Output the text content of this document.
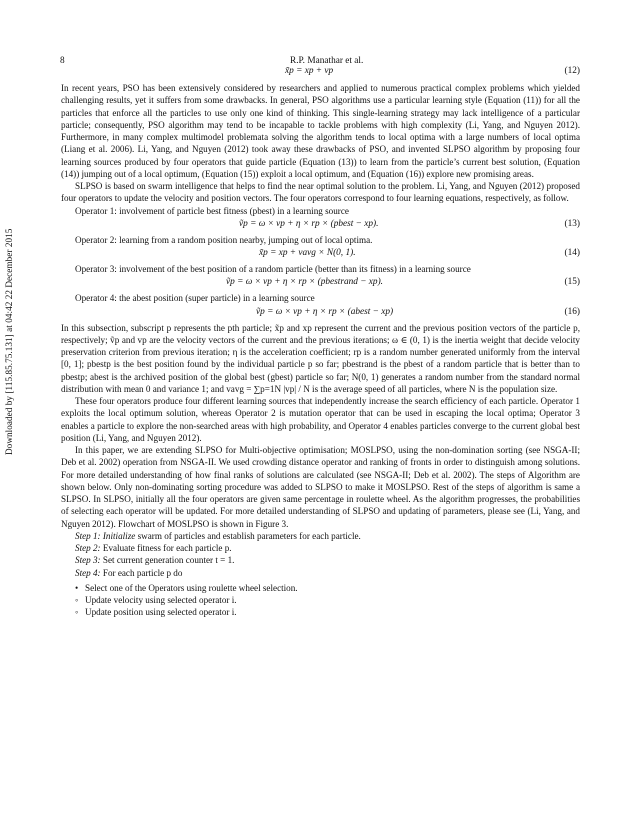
Downloaded by [115.85.75.131] at 04:42 22 December 2015
8	R.P. Manathar et al.
x̃p = xp + vp	(12)

In recent years, PSO has been extensively considered by researchers and applied to numerous practical complex problems which yielded challenging results, yet it suffers from some drawbacks. In general, PSO algorithms use a particular learning style (Equation (11)) for all the particles that enforce all the particles to use only one kind of thinking. This single-learning strategy may lack intelligence of a particular particle; consequently, PSO algorithm may tend to be incapable to tackle problems with high complexity (Li, Yang, and Nguyen 2012). Furthermore, in many complex multimodel problemata solving the algorithm tends to local optima with a large numbers of local optima (Liang et al. 2006). Li, Yang, and Nguyen (2012) took away these drawbacks of PSO, and invented SLPSO algorithm by proposing four learning sources produced by four operators that guide particle (Equation (13)) to learn from the particle’s current best solution, (Equation (14)) jumping out of a local optimum, (Equation (15)) exploit a local optimum, and (Equation (16)) explore new promising areas.

SLPSO is based on swarm intelligence that helps to find the near optimal solution to the problem. Li, Yang, and Nguyen (2012) proposed four operators to update the velocity and position vectors. The four operators correspond to four learning equations, respectively, as follow.

Operator 1: involvement of particle best fitness (pbest) in a learning source

ṽp = ω × vp + η × rp × (pbest − xp).	(13)

Operator 2: learning from a random position nearby, jumping out of local optima.

x̃p = xp + vavg × N(0, 1).	(14)

Operator 3: involvement of the best position of a random particle (better than its fitness) in a learning source

ṽp = ω × vp + η × rp × (pbestrand − xp).	(15)

Operator 4: the abest position (super particle) in a learning source

ṽp = ω × vp + η × rp × (abest − xp)	(16)

In this subsection, subscript p represents the pth particle; x̃p and xp represent the current and the previous position vectors of the particle p, respectively; ṽp and vp are the velocity vectors of the current and the previous iterations; ω ∈ (0, 1) is the inertia weight that decide velocity preservation criterion from previous iteration; η is the acceleration coefficient; rp is a random number generated uniformly from the interval [0, 1]; pbestp is the best position found by the individual particle p so far; pbestrand is the pbest of a random particle that is better than to pbestp; abest is the archived position of the global best (gbest) particle so far; N(0, 1) generates a random number from the standard normal distribution with mean 0 and variance 1; and vavg = ∑p=1N |vp| / N is the average speed of all particles, where N is the population size.

These four operators produce four different learning sources that independently increase the search efficiency of each particle. Operator 1 exploits the local optimum solution, whereas Operator 2 is mutation operator that can be used in escaping the local optima; Operator 3 enables a particle to explore the non-searched areas with high probability, and Operator 4 enables particles converge to the current global best position (Li, Yang, and Nguyen 2012).

In this paper, we are extending SLPSO for Multi-objective optimisation; MOSLPSO, using the non-domination sorting (see NSGA-II; Deb et al. 2002) operation from NSGA-II. We used crowding distance operator and ranking of fronts in order to distinguish among solutions. For more detailed understanding of how final ranks of solutions are calculated (see NSGA-II; Deb et al. 2002). The steps of Algorithm are shown below. Only non-dominating sorting procedure was added to SLPSO to make it MOSLPSO. Rest of the steps of algorithm is same a SLPSO. In SLPSO, initially all the four operators are given same percentage in roulette wheel. As the algorithm progresses, the probabilities of selecting each operator will be updated. For more detailed understanding of SLPSO and updating of parameters, please see (Li, Yang, and Nguyen 2012). Flowchart of MOSLPSO is shown in Figure 3.

Step 1: Initialize swarm of particles and establish parameters for each particle.

Step 2: Evaluate fitness for each particle p.

Step 3: Set current generation counter t = 1.

Step 4: For each particle p do

• Select one of the Operators using roulette wheel selection.

◦ Update velocity using selected operator i.

◦ Update position using selected operator i.
